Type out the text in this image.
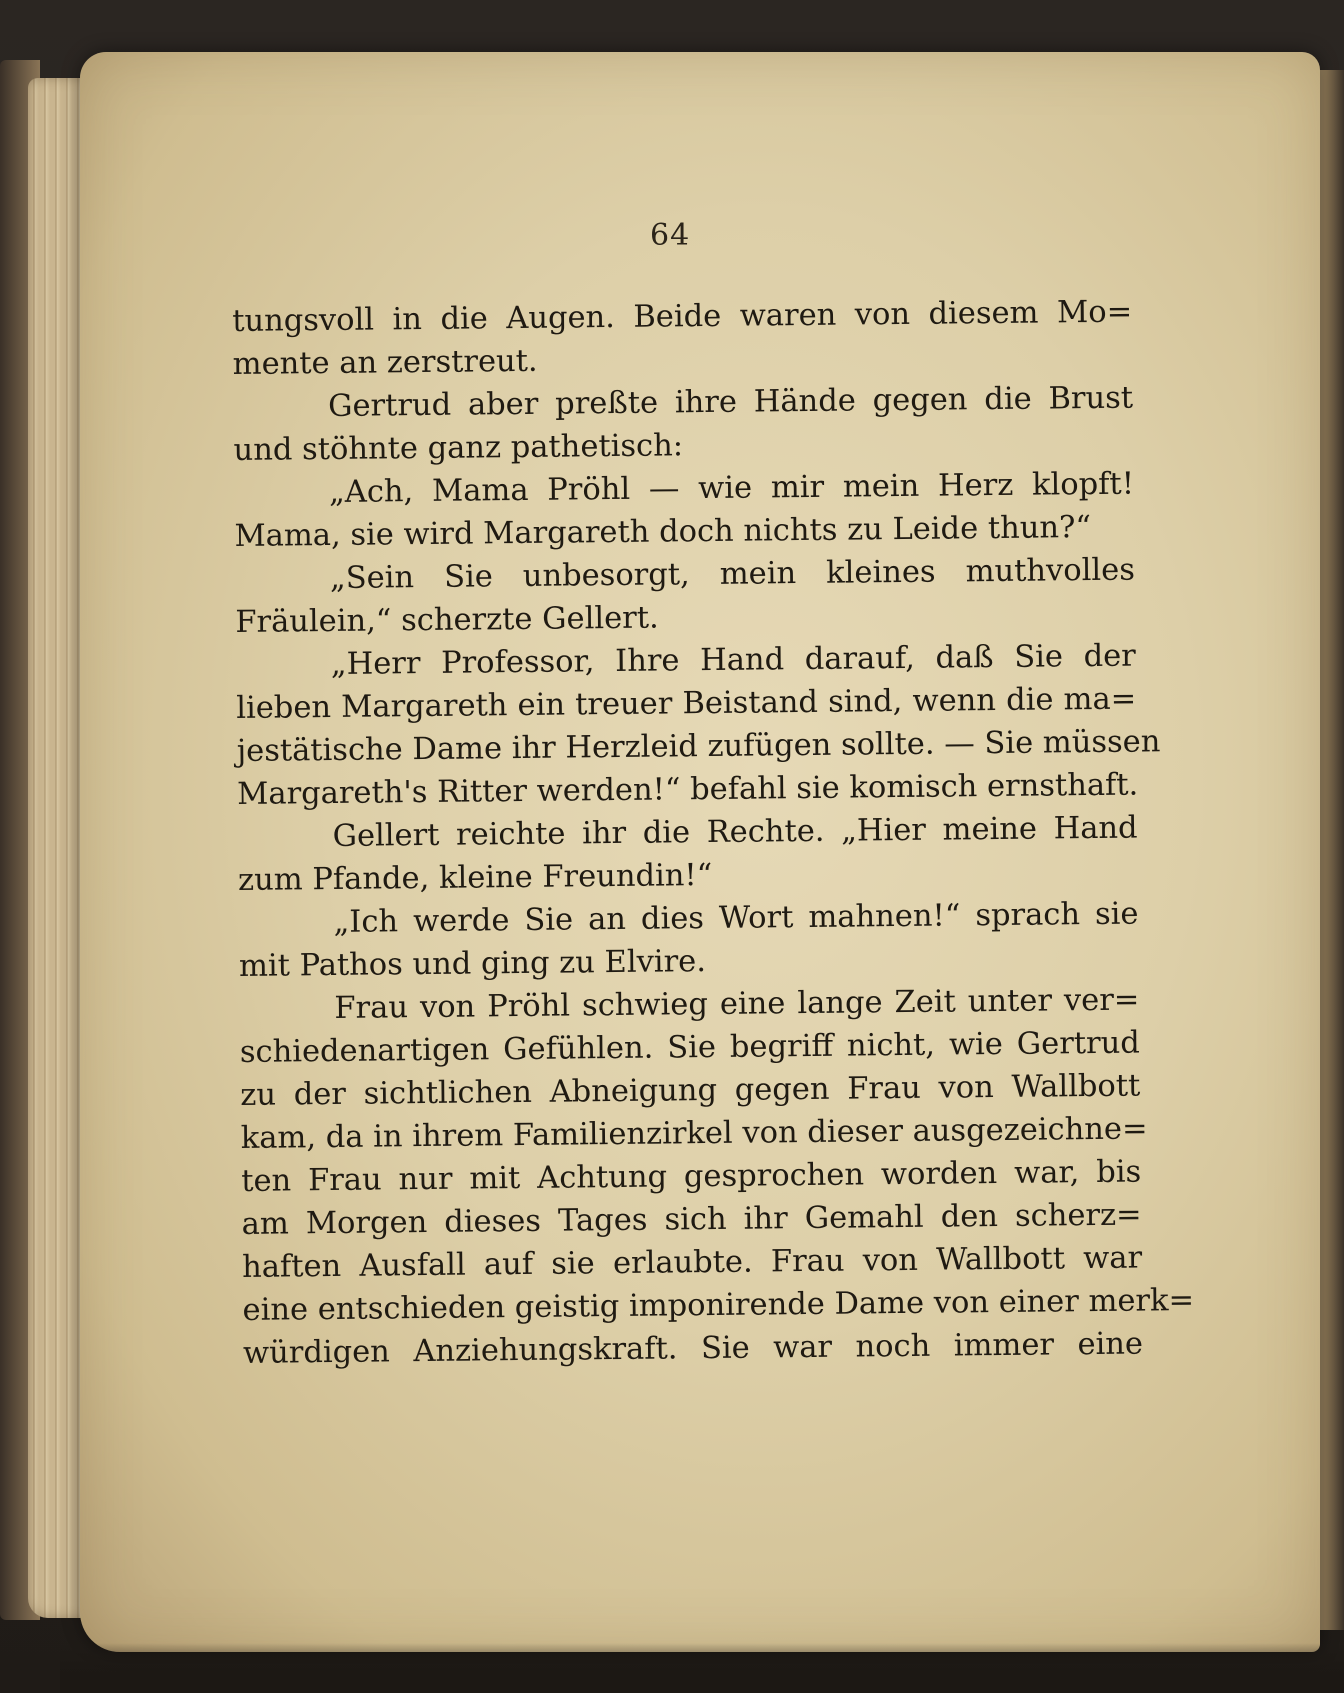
64
tungsvoll in die Augen. Beide waren von diesem Mo=
mente an zerstreut.
Gertrud aber preßte ihre Hände gegen die Brust
und stöhnte ganz pathetisch:
„Ach, Mama Pröhl — wie mir mein Herz klopft!
Mama, sie wird Margareth doch nichts zu Leide thun?“
„Sein Sie unbesorgt, mein kleines muthvolles
Fräulein,“ scherzte Gellert.
„Herr Professor, Ihre Hand darauf, daß Sie der
lieben Margareth ein treuer Beistand sind, wenn die ma=
jestätische Dame ihr Herzleid zufügen sollte. — Sie müssen
Margareth's Ritter werden!“ befahl sie komisch ernsthaft.
Gellert reichte ihr die Rechte. „Hier meine Hand
zum Pfande, kleine Freundin!“
„Ich werde Sie an dies Wort mahnen!“ sprach sie
mit Pathos und ging zu Elvire.
Frau von Pröhl schwieg eine lange Zeit unter ver=
schiedenartigen Gefühlen. Sie begriff nicht, wie Gertrud
zu der sichtlichen Abneigung gegen Frau von Wallbott
kam, da in ihrem Familienzirkel von dieser ausgezeichne=
ten Frau nur mit Achtung gesprochen worden war, bis
am Morgen dieses Tages sich ihr Gemahl den scherz=
haften Ausfall auf sie erlaubte. Frau von Wallbott war
eine entschieden geistig imponirende Dame von einer merk=
würdigen Anziehungskraft. Sie war noch immer eine
